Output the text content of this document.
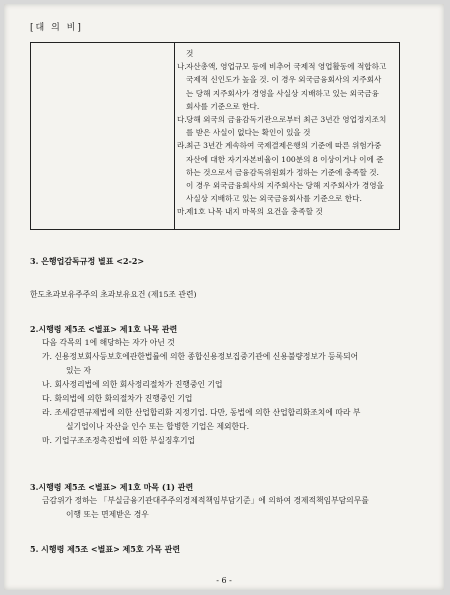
[대 의 비]
것
나. 자산총액, 영업규모 등에 비추어 국제적 영업활동에 적합하고
국제적 신인도가 높을 것. 이 경우 외국금융회사의 지주회사
는 당해 지주회사가 경영을 사실상 지배하고 있는 외국금융
회사를 기준으로 한다.
다. 당해 외국의 금융감독기관으로부터 최근 3년간 영업정지조치
를 받은 사실이 없다는 확인이 있을 것
라. 최근 3년간 계속하여 국제결제은행의 기준에 따른 위험가중
자산에 대한 자기자본비율이 100분의 8 이상이거나 이에 준
하는 것으로서 금융감독위원회가 정하는 기준에 충족할 것.
이 경우 외국금융회사의 지주회사는 당해 지주회사가 경영을
사실상 지배하고 있는 외국금융회사를 기준으로 한다.
마. 제1호 나목 내지 마목의 요건을 충족할 것
3. 은행업감독규정 별표 <2-2>
한도초과보유주주의 초과보유요건 (제15조 관련)
2.시행령 제5조 <별표> 제1호 나목 관련
다음 각목의 1에 해당하는 자가 아닌 것
가. 신용정보회사등보호에관한법률에 의한 종합신용정보집중기관에 신용불량정보가 등록되어
있는 자
나. 회사정리법에 의한 회사정리절차가 진행중인 기업
다. 화의법에 의한 화의절차가 진행중인 기업
라. 조세감면규제법에 의한 산업합리화 지정기업. 다만, 동법에 의한 산업합리화조치에 따라 부
실기업이나 자산을 인수 또는 합병한 기업은 제외한다.
마. 기업구조조정촉진법에 의한 부실징후기업
3.시행령 제5조 <별표> 제1호 마목 (1) 관련
금감위가 정하는 「부실금융기관대주주의경제적책임부담기준」에 의하여 경제적책임부담의무를
이행 또는 면제받은 경우
5. 시행령 제5조 <별표> 제5호 가목 관련
- 6 -
